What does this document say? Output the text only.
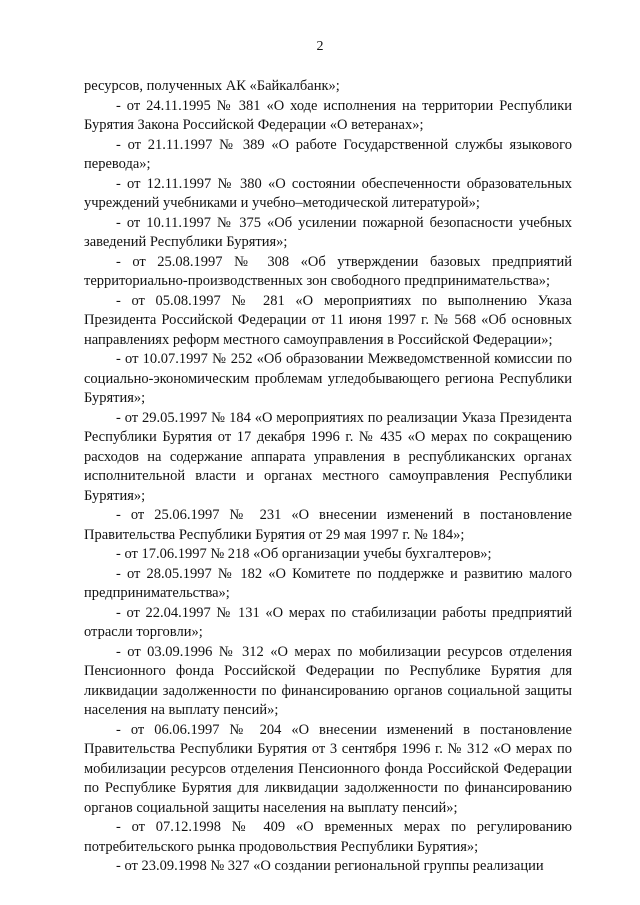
2

ресурсов, полученных АК «Байкалбанк»;

- от 24.11.1995 № 381 «О ходе исполнения на территории Республики Бурятия Закона Российской Федерации «О ветеранах»;

- от 21.11.1997 № 389 «О работе Государственной службы языкового перевода»;

- от 12.11.1997 № 380 «О состоянии обеспеченности образовательных учреждений учебниками и учебно–методической литературой»;

- от 10.11.1997 № 375 «Об усилении пожарной безопасности учебных заведений Республики Бурятия»;

- от 25.08.1997 № 308 «Об утверждении базовых предприятий территориально-производственных зон свободного предпринимательства»;

- от 05.08.1997 № 281 «О мероприятиях по выполнению Указа Президента Российской Федерации от 11 июня 1997 г. № 568 «Об основных направлениях реформ местного самоуправления в Российской Федерации»;

- от 10.07.1997 № 252 «Об образовании Межведомственной комиссии по социально-экономическим проблемам угледобывающего региона Республики Бурятия»;

- от 29.05.1997 № 184 «О мероприятиях по реализации Указа Президента Республики Бурятия от 17 декабря 1996 г. № 435 «О мерах по сокращению расходов на содержание аппарата управления в республиканских органах исполнительной власти и органах местного самоуправления Республики Бурятия»;

- от 25.06.1997 № 231 «О внесении изменений в постановление Правительства Республики Бурятия от 29 мая 1997 г. № 184»;

- от 17.06.1997 № 218 «Об организации учебы бухгалтеров»;

- от 28.05.1997 № 182 «О Комитете по поддержке и развитию малого предпринимательства»;

- от 22.04.1997 № 131 «О мерах по стабилизации работы предприятий отрасли торговли»;

- от 03.09.1996 № 312 «О мерах по мобилизации ресурсов отделения Пенсионного фонда Российской Федерации по Республике Бурятия для ликвидации задолженности по финансированию органов социальной защиты населения на выплату пенсий»;

- от 06.06.1997 № 204 «О внесении изменений в постановление Правительства Республики Бурятия от 3 сентября 1996 г. № 312 «О мерах по мобилизации ресурсов отделения Пенсионного фонда Российской Федерации по Республике Бурятия для ликвидации задолженности по финансированию органов социальной защиты населения на выплату пенсий»;

- от 07.12.1998 № 409 «О временных мерах по регулированию потребительского рынка продовольствия Республики Бурятия»;

- от 23.09.1998 № 327 «О создании региональной группы реализации
